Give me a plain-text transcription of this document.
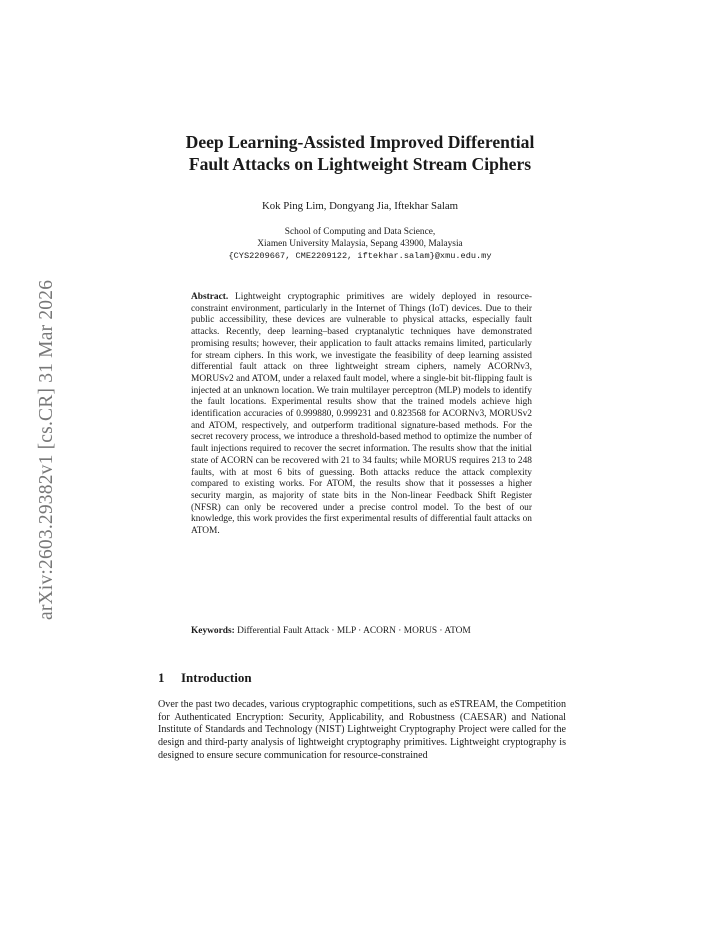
arXiv:2603.29382v1 [cs.CR] 31 Mar 2026
Deep Learning-Assisted Improved Differential
Fault Attacks on Lightweight Stream Ciphers
Kok Ping Lim, Dongyang Jia, Iftekhar Salam
School of Computing and Data Science,
Xiamen University Malaysia, Sepang 43900, Malaysia
{CYS2209667, CME2209122, iftekhar.salam}@xmu.edu.my
Abstract. Lightweight cryptographic primitives are widely deployed in resource-constraint environment, particularly in the Internet of Things (IoT) devices. Due to their public accessibility, these devices are vulnerable to physical attacks, especially fault attacks. Recently, deep learning–based cryptanalytic techniques have demonstrated promising results; however, their application to fault attacks remains limited, particularly for stream ciphers. In this work, we investigate the feasibility of deep learning assisted differential fault attack on three lightweight stream ciphers, namely ACORNv3, MORUSv2 and ATOM, under a relaxed fault model, where a single-bit bit-flipping fault is injected at an unknown location. We train multilayer perceptron (MLP) models to identify the fault locations. Experimental results show that the trained models achieve high identification accuracies of 0.999880, 0.999231 and 0.823568 for ACORNv3, MORUSv2 and ATOM, respectively, and outperform traditional signature-based methods. For the secret recovery process, we introduce a threshold-based method to optimize the number of fault injections required to recover the secret information. The results show that the initial state of ACORN can be recovered with 21 to 34 faults; while MORUS requires 213 to 248 faults, with at most 6 bits of guessing. Both attacks reduce the attack complexity compared to existing works. For ATOM, the results show that it possesses a higher security margin, as majority of state bits in the Non-linear Feedback Shift Register (NFSR) can only be recovered under a precise control model. To the best of our knowledge, this work provides the first experimental results of differential fault attacks on ATOM.
Keywords: Differential Fault Attack · MLP · ACORN · MORUS · ATOM
1 Introduction
Over the past two decades, various cryptographic competitions, such as eSTREAM, the Competition for Authenticated Encryption: Security, Applicability, and Robustness (CAESAR) and National Institute of Standards and Technology (NIST) Lightweight Cryptography Project were called for the design and third-party analysis of lightweight cryptography primitives. Lightweight cryptography is designed to ensure secure communication for resource-constrained
